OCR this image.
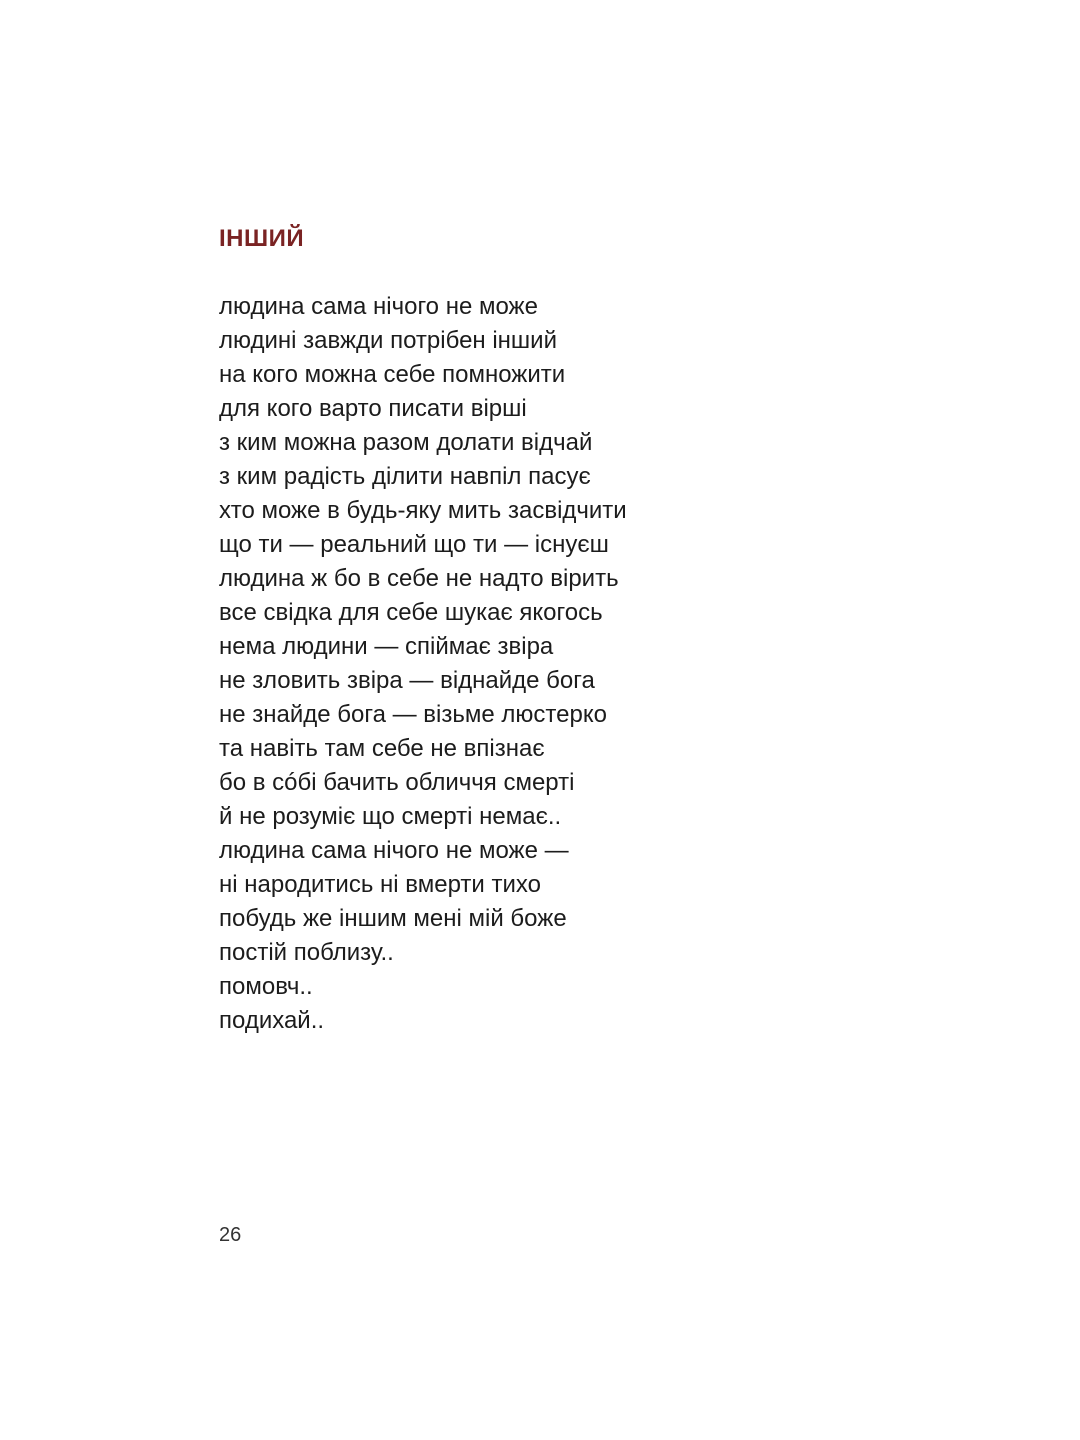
ІНШИЙ
людина сама нічого не може
людині завжди потрібен інший
на кого можна себе помножити
для кого варто писати вірші
з ким можна разом долати відчай
з ким радість ділити навпіл пасує
хто може в будь-яку мить засвідчити
що ти — реальний що ти — існуєш
людина ж бо в себе не надто вірить
все свідка для себе шукає якогось
нема людини — спіймає звіра
не зловить звіра — віднайде бога
не знайде бога — візьме люстерко
та навіть там себе не впізнає
бо в сóбі бачить обличчя смерті
й не розуміє що смерті немає..
людина сама нічого не може —
ні народитись ні вмерти тихо
побудь же іншим мені мій боже
постій поблизу..
помовч..
подихай..

26
